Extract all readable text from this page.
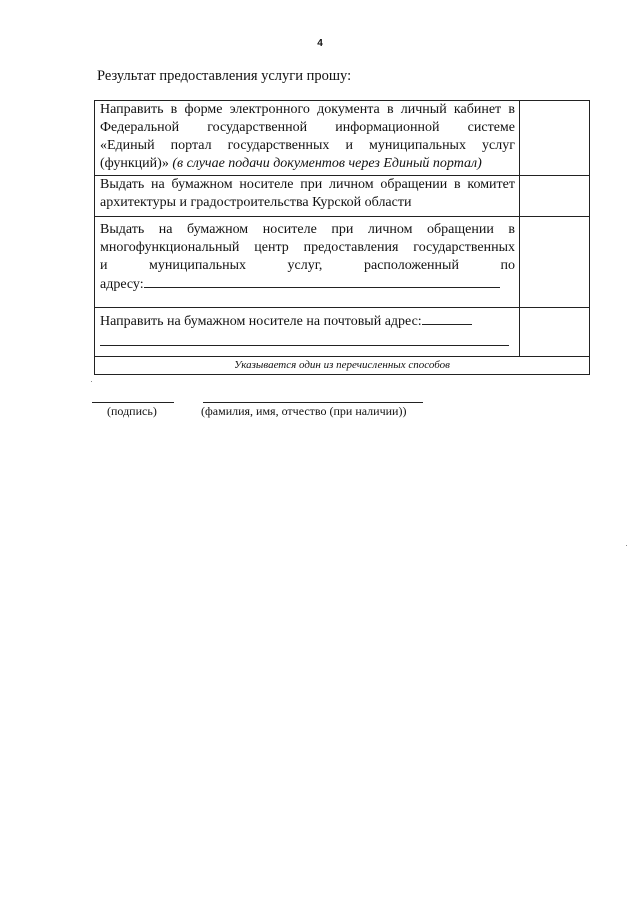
4
Результат предоставления услуги прошу:
Направить в форме электронного документа в личный кабинет в
Федеральной государственной информационной системе
«Единый портал государственных и муниципальных услуг
(функций)» (в случае подачи документов через Единый портал)	

Выдать на бумажном носителе при личном обращении в комитет
архитектуры и градостроительства Курской области	

Выдать на бумажном носителе при личном обращении в
многофункциональный центр предоставления государственных
и муниципальных услуг, расположенный по
адресу:	
Направить на бумажном носителе на почтовый адрес:

Указывается один из перечисленных способов	
(подпись)	(фамилия, имя, отчество (при наличии))
